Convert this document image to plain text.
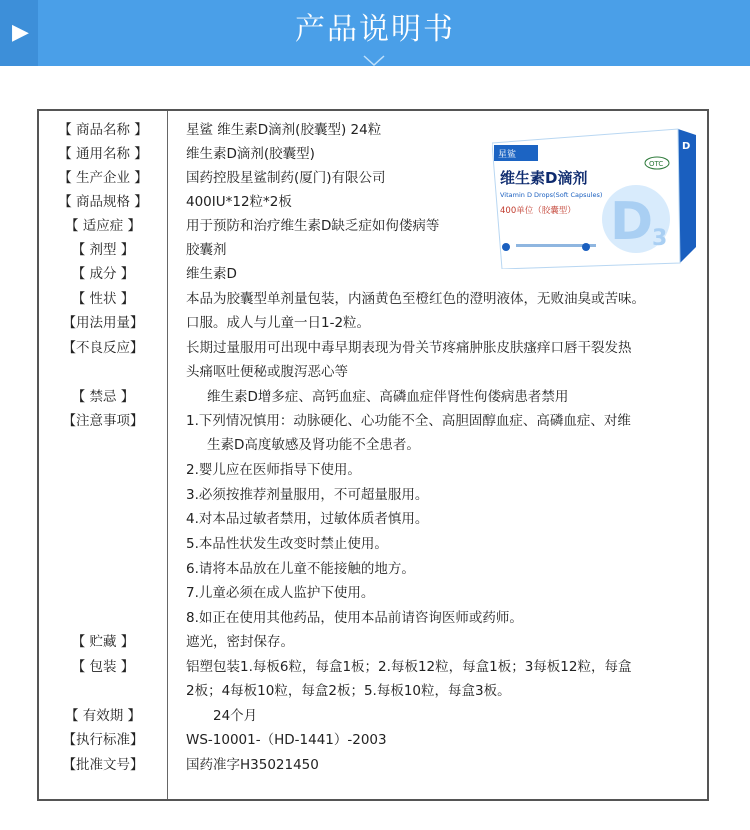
▶	产品说明书
【 商品名称 】	星鲨 维生素D滴剂(胶囊型) 24粒
【 通用名称 】	维生素D滴剂(胶囊型)
【 生产企业 】	国药控股星鲨制药(厦门)有限公司
【 商品规格 】	400IU*12粒*2板
【 适应症 】	用于预防和治疗维生素D缺乏症如佝偻病等
【 剂型 】	胶囊剂
【 成分 】	维生素D
【 性状 】	本品为胶囊型单剂量包装，内涵黄色至橙红色的澄明液体，无败油臭或苦味。
【用法用量】	口服。成人与儿童一日1-2粒。
【不良反应】	长期过量服用可出现中毒早期表现为骨关节疼痛肿胀皮肤瘙痒口唇干裂发热
头痛呕吐便秘或腹泻恶心等
【 禁忌 】	维生素D增多症、高钙血症、高磷血症伴肾性佝偻病患者禁用
【注意事项】	1.下列情况慎用：动脉硬化、心功能不全、高胆固醇血症、高磷血症、对维
生素D高度敏感及肾功能不全患者。
2.婴儿应在医师指导下使用。
3.必须按推荐剂量服用，不可超量服用。
4.对本品过敏者禁用，过敏体质者慎用。
5.本品性状发生改变时禁止使用。
6.请将本品放在儿童不能接触的地方。
7.儿童必须在成人监护下使用。
8.如正在使用其他药品，使用本品前请咨询医师或药师。
【 贮藏 】	遮光，密封保存。
【 包装 】	铝塑包装1.每板6粒，每盒1板；2.每板12粒，每盒1板；3每板12粒，每盒
2板；4每板10粒，每盒2板；5.每板10粒，每盒3板。
【 有效期 】	24个月
【执行标准】	WS-10001-（HD-1441）-2003
【批准文号】	国药准字H35021450
星鲨
维生素D滴剂
Vitamin D Drops(Soft Capsules)
400单位（胶囊型）
OTC
D
3
D
